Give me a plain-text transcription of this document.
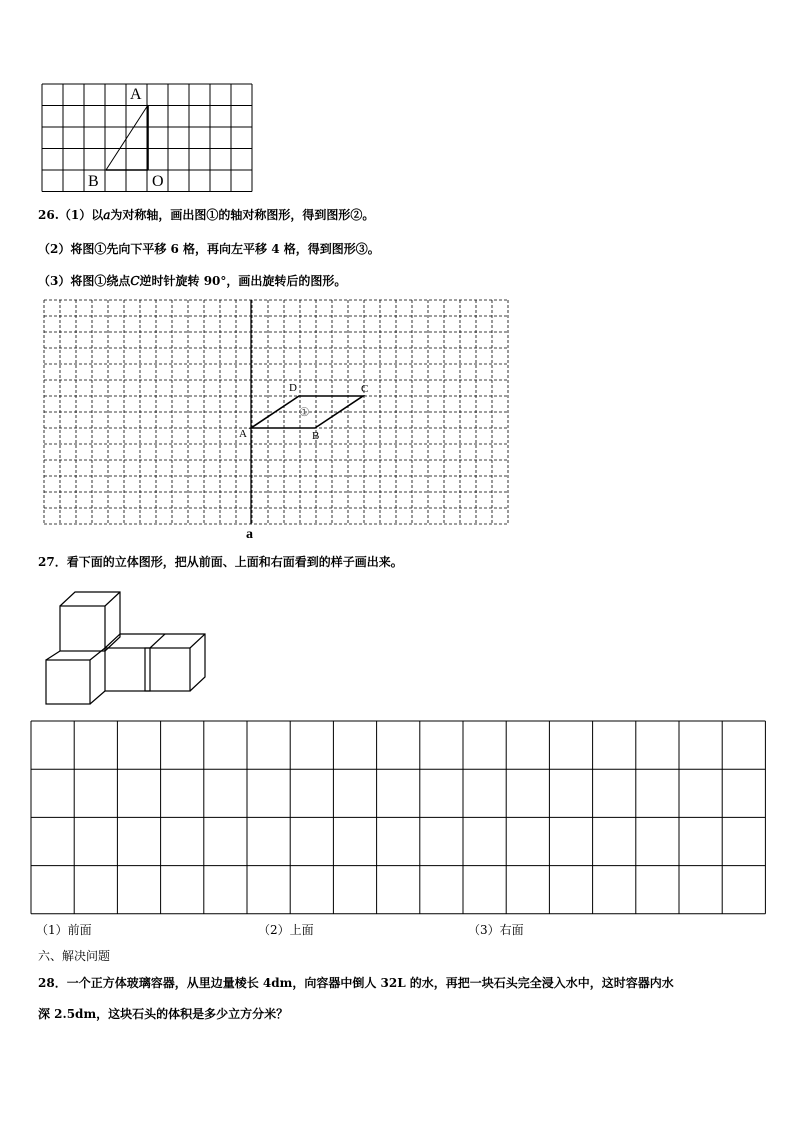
A
B	O
26.（1）以𝑎为对称轴，画出图①的轴对称图形，得到图形②。
（2）将图①先向下平移 6 格，再向左平移 4 格，得到图形③。
（3）将图①绕点𝐶逆时针旋转 90°，画出旋转后的图形。
A	B
C
D
①
a
27．看下面的立体图形，把从前面、上面和右面看到的样子画出来。
（1）前面	（2）上面	（3）右面
六、解决问题
28．一个正方体玻璃容器，从里边量棱长 4dm，向容器中倒人 32L 的水，再把一块石头完全浸入水中，这时容器内水
深 2.5dm，这块石头的体积是多少立方分米？
